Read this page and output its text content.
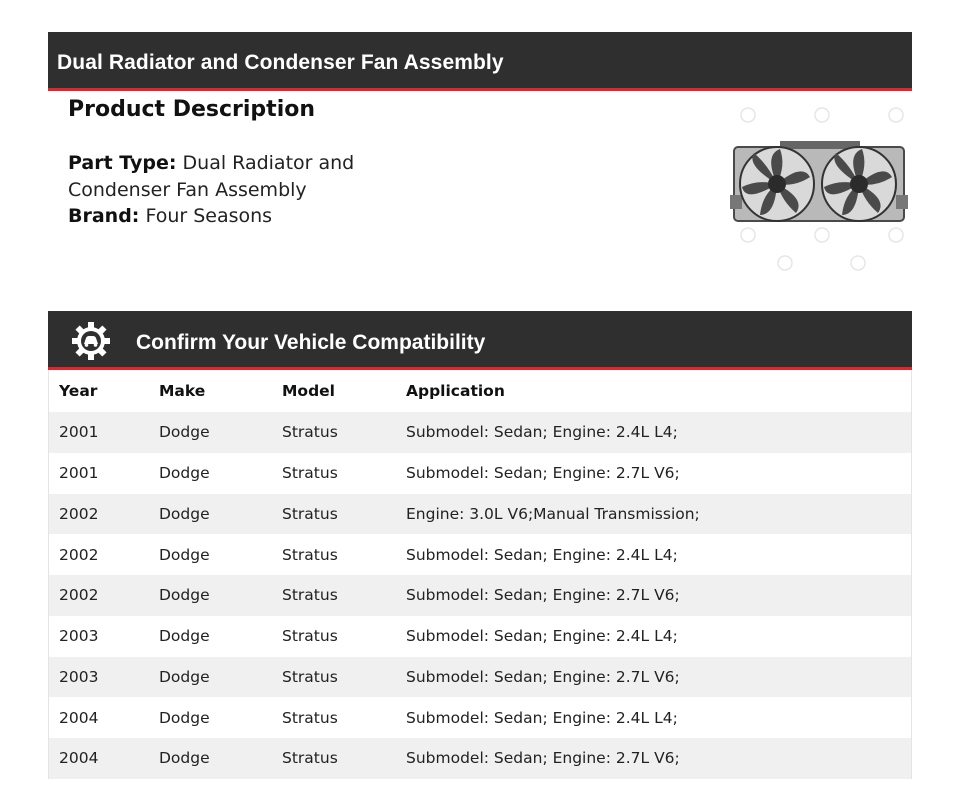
Dual Radiator and Condenser Fan Assembly
Product Description
Part Type: Dual Radiator and Condenser Fan Assembly
Brand: Four Seasons
Confirm Your Vehicle Compatibility
Year	Make	Model	Application
2001	Dodge	Stratus	Submodel: Sedan; Engine: 2.4L L4;
2001	Dodge	Stratus	Submodel: Sedan; Engine: 2.7L V6;
2002	Dodge	Stratus	Engine: 3.0L V6;Manual Transmission;
2002	Dodge	Stratus	Submodel: Sedan; Engine: 2.4L L4;
2002	Dodge	Stratus	Submodel: Sedan; Engine: 2.7L V6;
2003	Dodge	Stratus	Submodel: Sedan; Engine: 2.4L L4;
2003	Dodge	Stratus	Submodel: Sedan; Engine: 2.7L V6;
2004	Dodge	Stratus	Submodel: Sedan; Engine: 2.4L L4;
2004	Dodge	Stratus	Submodel: Sedan; Engine: 2.7L V6;
